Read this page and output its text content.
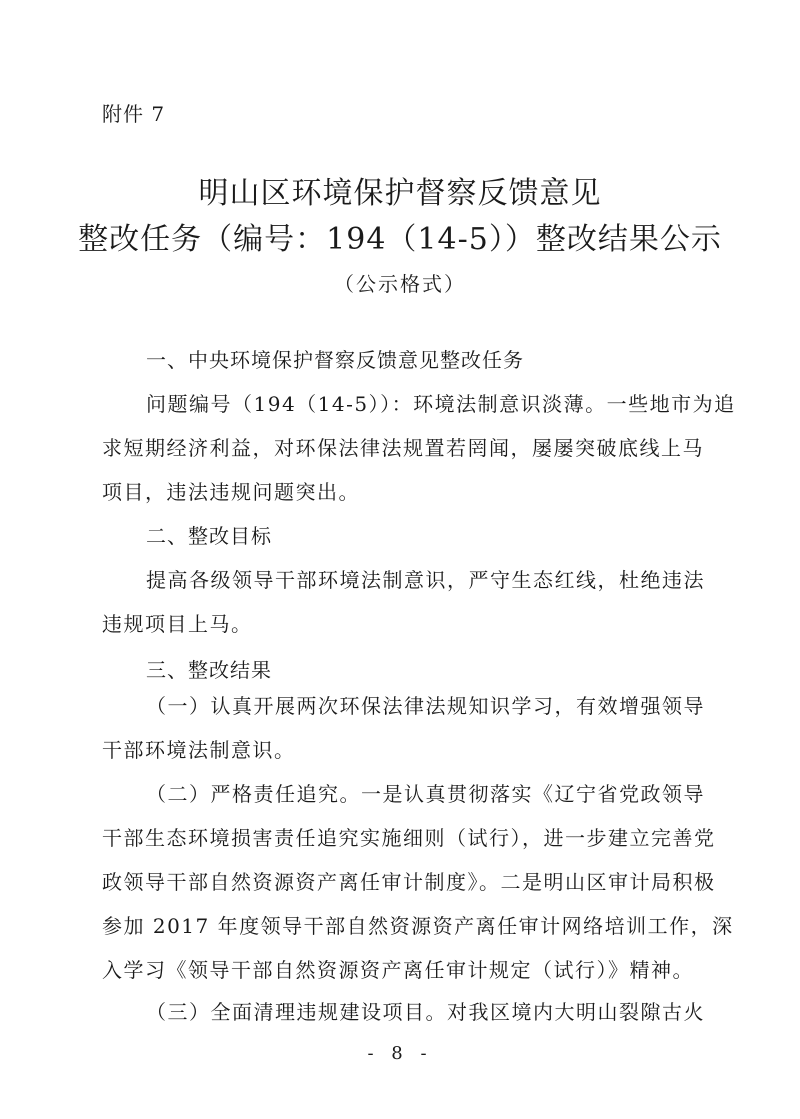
附件 7
明山区环境保护督察反馈意见
整改任务（编号：194（14-5））整改结果公示
（公示格式）
一、中央环境保护督察反馈意见整改任务
问题编号（194（14-5））：环境法制意识淡薄。一些地市为追
求短期经济利益，对环保法律法规置若罔闻，屡屡突破底线上马
项目，违法违规问题突出。
二、整改目标
提高各级领导干部环境法制意识，严守生态红线，杜绝违法
违规项目上马。
三、整改结果
（一）认真开展两次环保法律法规知识学习，有效增强领导
干部环境法制意识。
（二）严格责任追究。一是认真贯彻落实《辽宁省党政领导
干部生态环境损害责任追究实施细则（试行），进一步建立完善党
政领导干部自然资源资产离任审计制度》。二是明山区审计局积极
参加 2017 年度领导干部自然资源资产离任审计网络培训工作，深
入学习《领导干部自然资源资产离任审计规定（试行）》精神。
- 8 -
（三）全面清理违规建设项目。对我区境内大明山裂隙古火
